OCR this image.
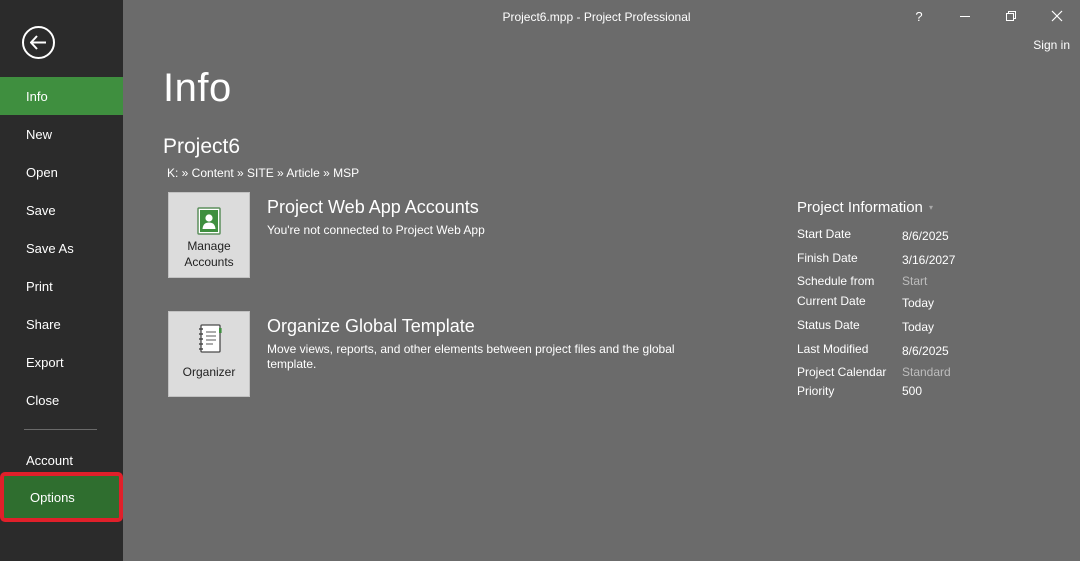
Info
New
Open
Save
Save As
Print
Share
Export
Close
Account
Options
Project6.mpp - Project Professional	?
Sign in
Info
Project6
K: » Content » SITE » Article » MSP
Manage
Accounts
Project Web App Accounts
You're not connected to Project Web App
Organizer
Organize Global Template
Move views, reports, and other elements between project files and the global template.
Project Information ▾
Start Date	8/6/2025
Finish Date	3/16/2027
Schedule from Start
Current Date	Today
Status Date	Today
Last Modified	8/6/2025
Project Calendar Standard
Priority	500
